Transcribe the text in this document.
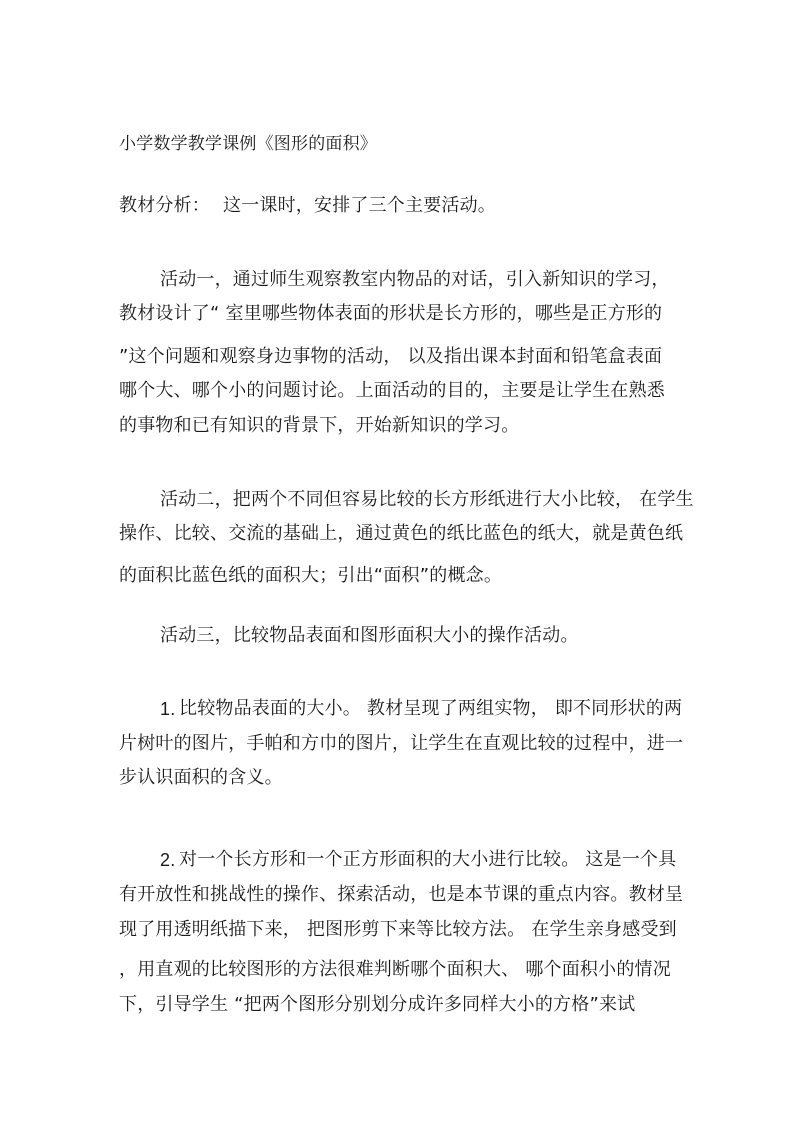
小学数学教学课例《图形的面积》
教材分析： 这一课时，安排了三个主要活动。
活动一，通过师生观察教室内物品的对话，引入新知识的学习，
教材设计了“ 室里哪些物体表面的形状是长方形的，哪些是正方形的
”这个问题和观察身边事物的活动， 以及指出课本封面和铅笔盒表面
哪个大、哪个小的问题讨论。上面活动的目的，主要是让学生在熟悉
的事物和已有知识的背景下，开始新知识的学习。
活动二，把两个不同但容易比较的长方形纸进行大小比较， 在学生
操作、比较、交流的基础上，通过黄色的纸比蓝色的纸大，就是黄色纸
的面积比蓝色纸的面积大；引出“面积”的概念。
活动三，比较物品表面和图形面积大小的操作活动。
1. 比较物品表面的大小。 教材呈现了两组实物， 即不同形状的两
片树叶的图片，手帕和方巾的图片，让学生在直观比较的过程中，进一
步认识面积的含义。
2. 对一个长方形和一个正方形面积的大小进行比较。 这是一个具
有开放性和挑战性的操作、探索活动，也是本节课的重点内容。教材呈
现了用透明纸描下来， 把图形剪下来等比较方法。 在学生亲身感受到
，用直观的比较图形的方法很难判断哪个面积大、 哪个面积小的情况
下，引导学生 “把两个图形分别划分成许多同样大小的方格”来试
